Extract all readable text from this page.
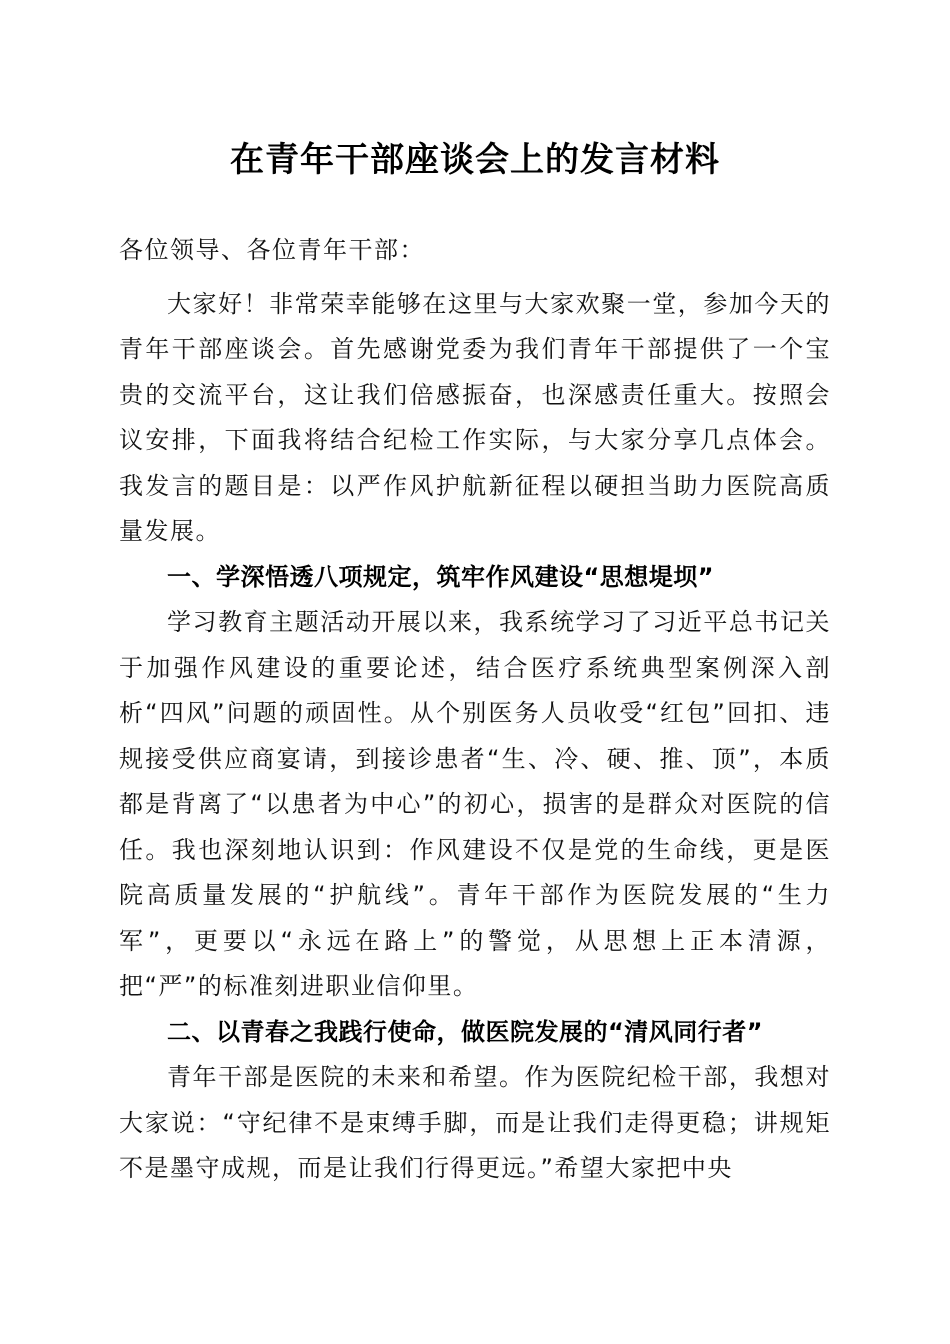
在青年干部座谈会上的发言材料

各位领导、各位青年干部：

大家好！非常荣幸能够在这里与大家欢聚一堂，参加今天的青年干部座谈会。首先感谢党委为我们青年干部提供了一个宝贵的交流平台，这让我们倍感振奋，也深感责任重大。按照会议安排，下面我将结合纪检工作实际，与大家分享几点体会。我发言的题目是：以严作风护航新征程以硬担当助力医院高质量发展。

一、学深悟透八项规定，筑牢作风建设“思想堤坝”

学习教育主题活动开展以来，我系统学习了习近平总书记关于加强作风建设的重要论述，结合医疗系统典型案例深入剖析“四风”问题的顽固性。从个别医务人员收受“红包”回扣、违规接受供应商宴请，到接诊患者“生、冷、硬、推、顶”，本质都是背离了“以患者为中心”的初心，损害的是群众对医院的信任。我也深刻地认识到：作风建设不仅是党的生命线，更是医院高质量发展的“护航线”。青年干部作为医院发展的“生力军”，更要以“永远在路上”的警觉，从思想上正本清源，把“严”的标准刻进职业信仰里。

二、以青春之我践行使命，做医院发展的“清风同行者”

青年干部是医院的未来和希望。作为医院纪检干部，我想对大家说：“守纪律不是束缚手脚，而是让我们走得更稳；讲规矩不是墨守成规，而是让我们行得更远。”希望大家把中央
